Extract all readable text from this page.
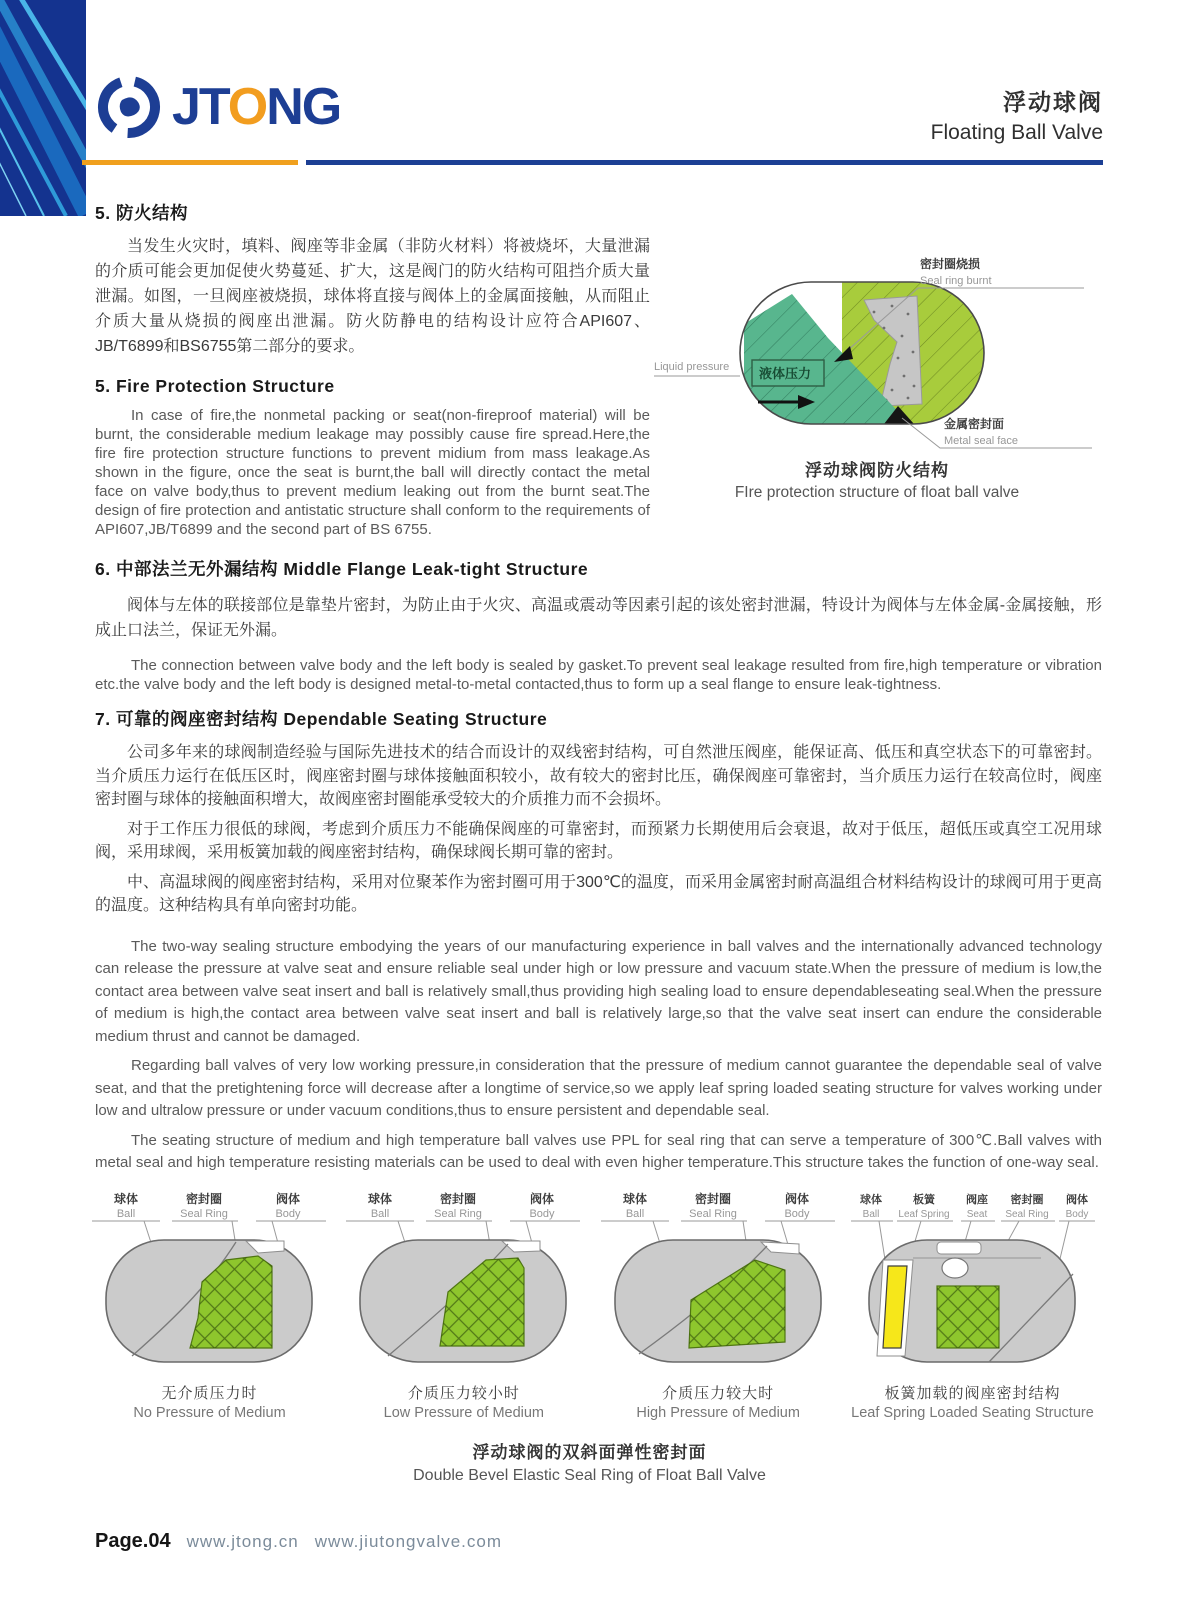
JTONG	浮动球阀
Floating Ball Valve
5. 防火结构

当发生火灾时，填料、阀座等非金属（非防火材料）将被烧坏，大量泄漏的介质可能会更加促使火势蔓延、扩大，这是阀门的防火结构可阻挡介质大量泄漏。如图，一旦阀座被烧损，球体将直接与阀体上的金属面接触，从而阻止介质大量从烧损的阀座出泄漏。防火防静电的结构设计应符合API607、JB/T6899和BS6755第二部分的要求。

5. Fire Protection Structure

In case of fire,the nonmetal packing or seat(non-fireproof material) will be burnt, the considerable medium leakage may possibly cause fire spread.Here,the fire fire protection structure functions to prevent midium from mass leakage.As shown in the figure, once the seat is burnt,the ball will directly contact the metal face on valve body,thus to prevent medium leaking out from the burnt seat.The design of fire protection and antistatic structure shall conform to the requirements of API607,JB/T6899 and the second part of BS 6755.

液体压力
密封圈烧损
Seal ring burnt
Liquid pressure
金属密封面
Metal seal face
浮动球阀防火结构
FIre protection structure of float ball valve
6. 中部法兰无外漏结构 Middle Flange Leak-tight Structure

阀体与左体的联接部位是靠垫片密封，为防止由于火灾、高温或震动等因素引起的该处密封泄漏，特设计为阀体与左体金属-金属接触，形成止口法兰，保证无外漏。

The connection between valve body and the left body is sealed by gasket.To prevent seal leakage resulted from fire,high temperature or vibration etc.the valve body and the left body is designed metal-to-metal contacted,thus to form up a seal flange to ensure leak-tightness.

7. 可靠的阀座密封结构 Dependable Seating Structure

公司多年来的球阀制造经验与国际先进技术的结合而设计的双线密封结构，可自然泄压阀座，能保证高、低压和真空状态下的可靠密封。当介质压力运行在低压区时，阀座密封圈与球体接触面积较小，故有较大的密封比压，确保阀座可靠密封，当介质压力运行在较高位时，阀座密封圈与球体的接触面积增大，故阀座密封圈能承受较大的介质推力而不会损坏。

对于工作压力很低的球阀，考虑到介质压力不能确保阀座的可靠密封，而预紧力长期使用后会衰退，故对于低压，超低压或真空工况用球阀，采用球阀，采用板簧加载的阀座密封结构，确保球阀长期可靠的密封。

中、高温球阀的阀座密封结构，采用对位聚苯作为密封圈可用于300℃的温度，而采用金属密封耐高温组合材料结构设计的球阀可用于更高的温度。这种结构具有单向密封功能。

The two-way sealing structure embodying the years of our manufacturing experience in ball valves and the internationally advanced technology can release the pressure at valve seat and ensure reliable seal under high or low pressure and vacuum state.When the pressure of medium is low,the contact area between valve seat insert and ball is relatively small,thus providing high sealing load to ensure dependableseating seal.When the pressure of medium is high,the contact area between valve seat insert and ball is relatively large,so that the valve seat insert can endure the considerable medium thrust and cannot be damaged.

Regarding ball valves of very low working pressure,in consideration that the pressure of medium cannot guarantee the dependable seal of valve seat, and that the pretightening force will decrease after a longtime of service,so we apply leaf spring loaded seating structure for valves working under low and ultralow pressure or under vacuum conditions,thus to ensure persistent and dependable seal.

The seating structure of medium and high temperature ball valves use PPL for seal ring that can serve a temperature of 300℃.Ball valves with metal seal and high temperature resisting materials can be used to deal with even higher temperature.This structure takes the function of one-way seal.

球体
Ball
密封圈
Seal Ring
阀体
Body
无介质压力时
No Pressure of Medium
球体
Ball
密封圈
Seal Ring
阀体
Body
介质压力较小时
Low Pressure of Medium
球体
Ball
密封圈
Seal Ring
阀体
Body
介质压力较大时
High Pressure of Medium
球体
Ball
板簧
Leaf Spring
阀座
Seat
密封圈
Seal Ring
阀体
Body
板簧加载的阀座密封结构
Leaf Spring Loaded Seating Structure
浮动球阀的双斜面弹性密封面
Double Bevel Elastic Seal Ring of Float Ball Valve
Page.04 www.jtong.cn www.jiutongvalve.com
